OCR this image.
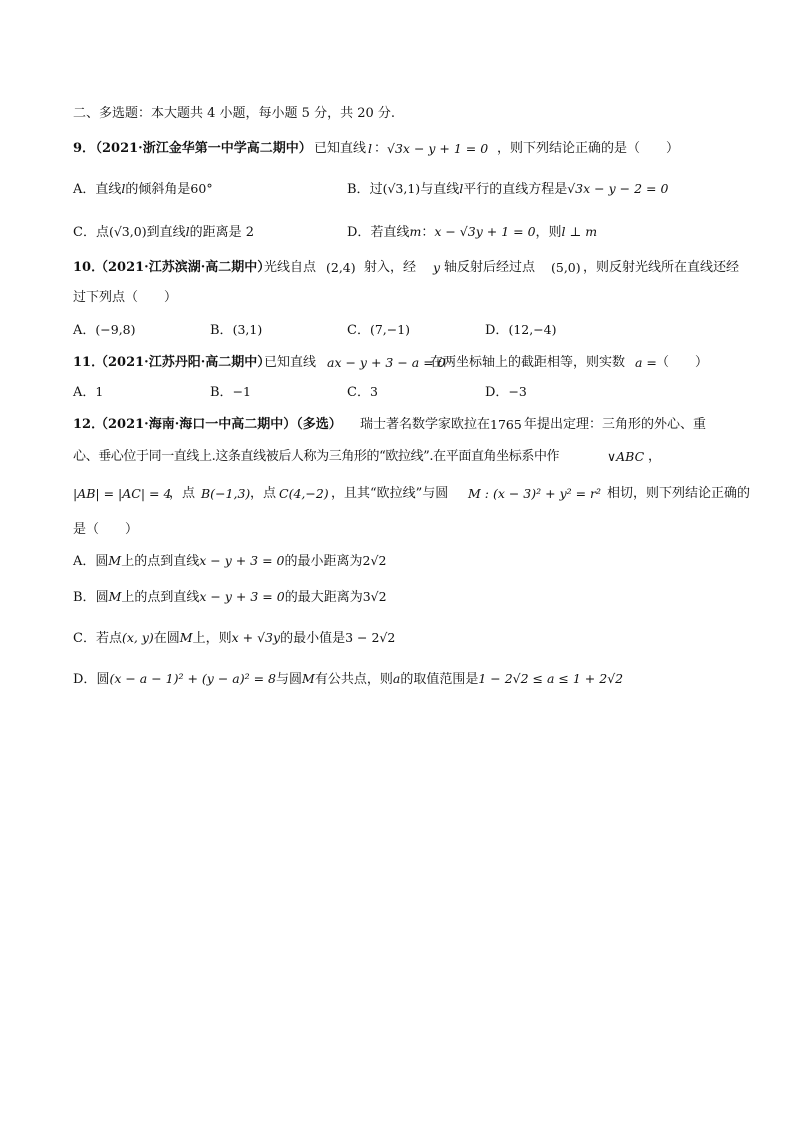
二、多选题：本大题共 4 小题，每小题 5 分，共 20 分.
9．
（2021·浙江金华第一中学高二期中） 已知直线 l ： √3x − y + 1 = 0 ，则下列结论正确的是（　　）
A．直线l的倾斜角是60°	B．过(√3,1)与直线l平行的直线方程是√3x − y − 2 = 0
C．点(√3,0)到直线l的距离是 2	D．若直线m：x − √3y + 1 = 0，则l ⊥ m
10．
（2021·江苏滨湖·高二期中）
光线自点 (2,4) 射入，经 y 轴反射后经过点 (5,0) ，则反射光线所在直线还经
过下列点（　　）
A．(−9,8)	B．(3,1)	C．(7,−1)	D．(12,−4)
11．
（2021·江苏丹阳·高二期中）
已知直线 ax − y + 3 − a = 0
在两坐标轴上的截距相等，则实数 a = （　　）
A．1	B．−1	C．3	D．−3
12．
（2021·海南·海口一中高二期中）（多选） 瑞士著名数学家欧拉在 1765 年提出定理：三角形的外心、重
心、垂心位于同一直线上.这条直线被后人称为三角形的“欧拉线”.在平面直角坐标系中作	∨ABC ，
|AB| = |AC| = 4
，点 B(−1,3) ，点 C(4,−2) ，且其“欧拉线”与圆 M : (x − 3)² + y² = r² 相切，则下列结论正确的
是（　　）
A．圆M上的点到直线x − y + 3 = 0的最小距离为2√2
B．圆M上的点到直线x − y + 3 = 0的最大距离为3√2
C．若点(x, y)在圆M上，则x + √3y的最小值是3 − 2√2
D．圆(x − a − 1)² + (y − a)² = 8与圆M有公共点，则a的取值范围是1 − 2√2 ≤ a ≤ 1 + 2√2
